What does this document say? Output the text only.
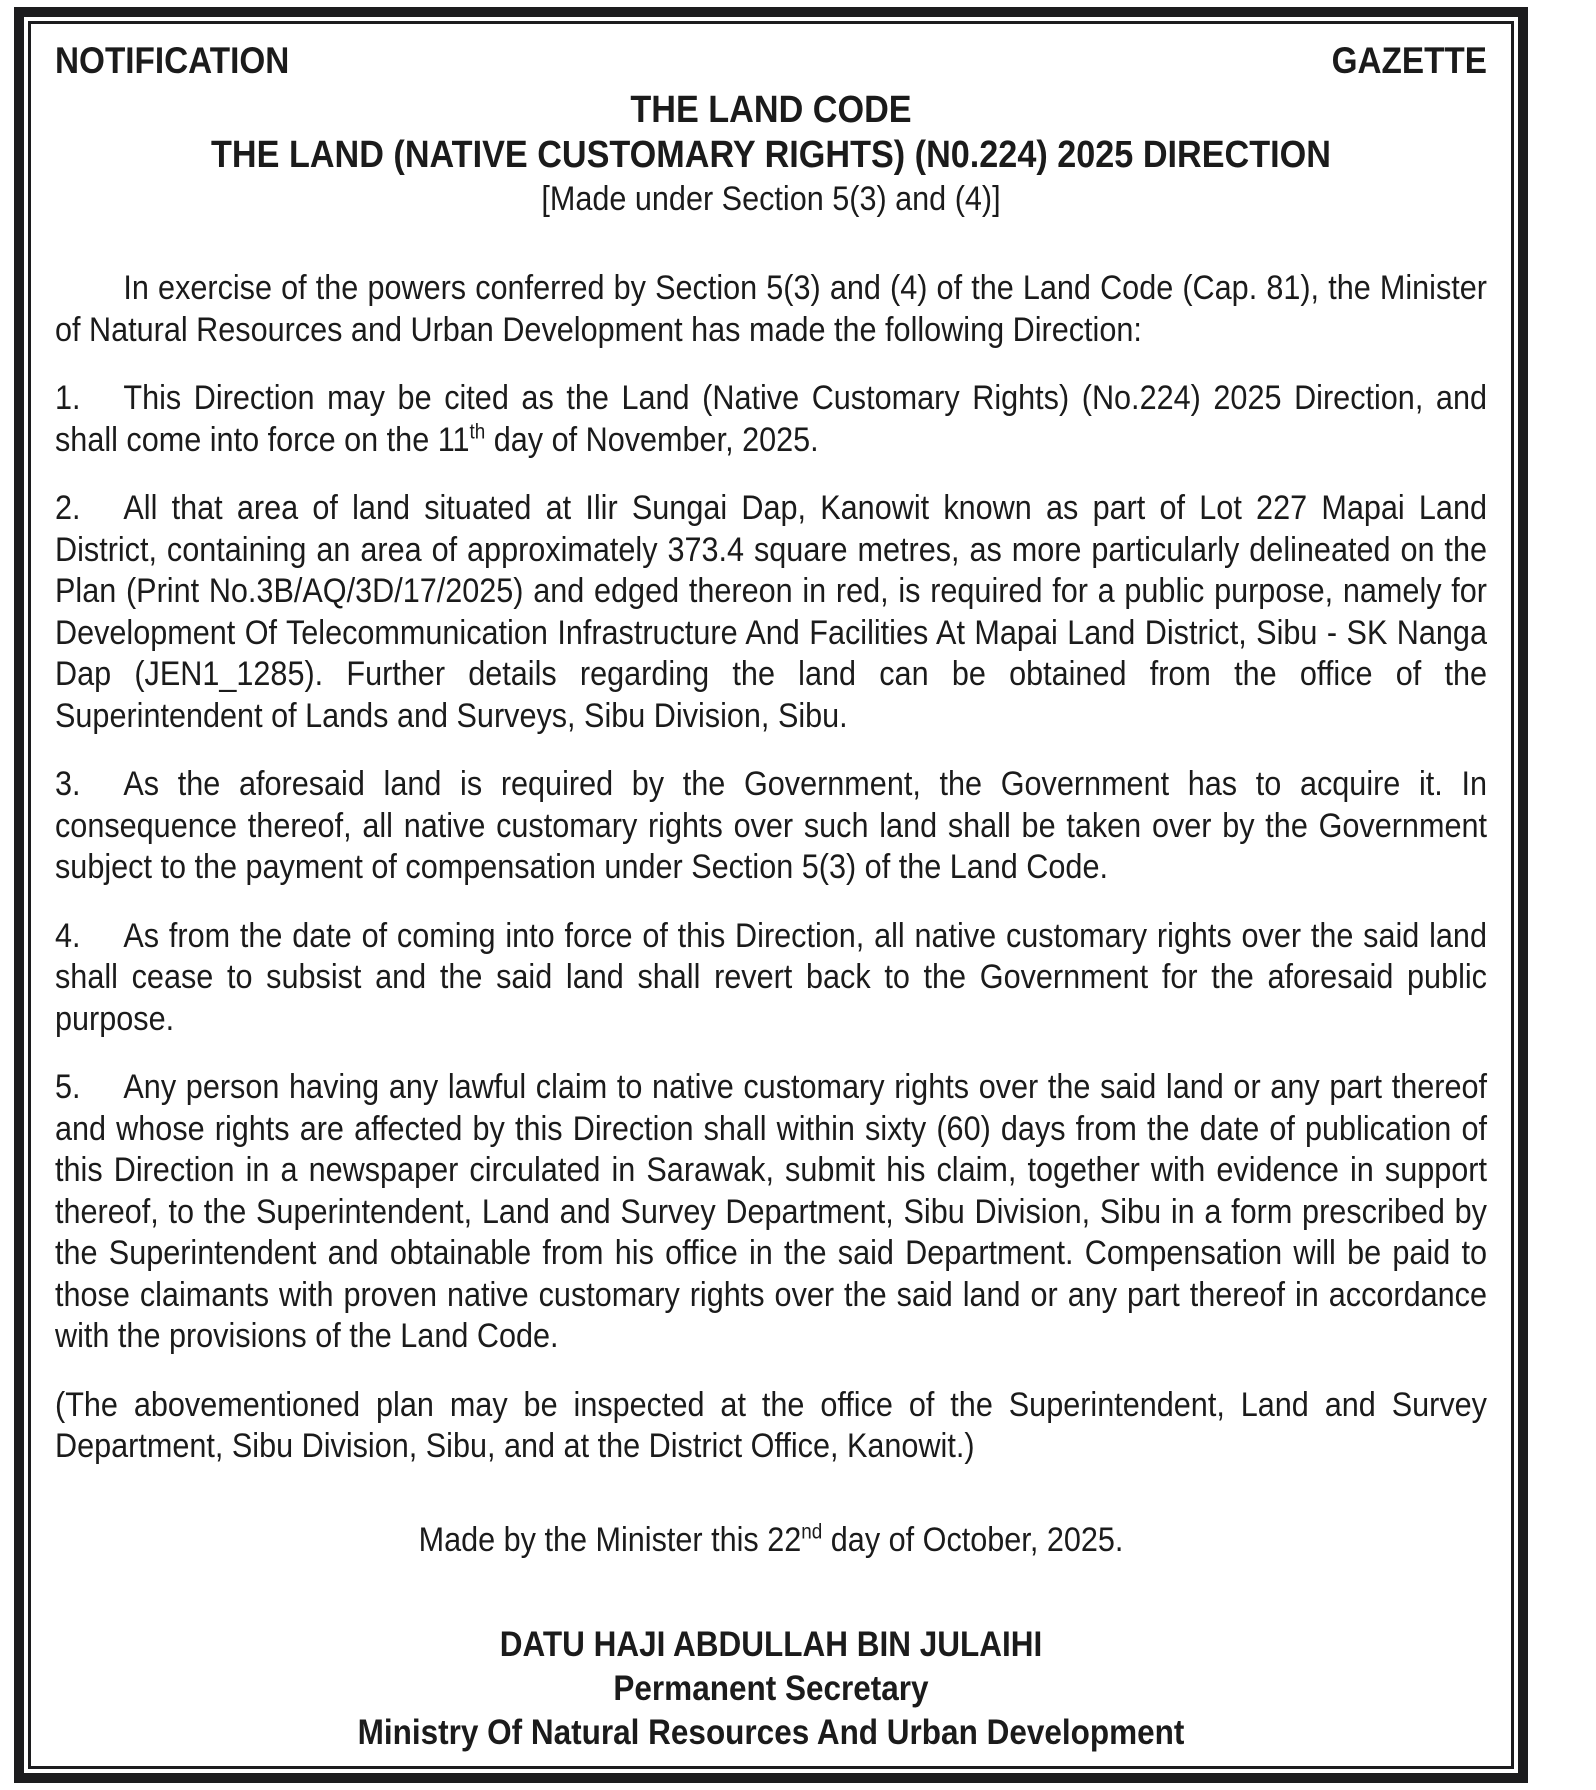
NOTIFICATION	GAZETTE
THE LAND CODE
THE LAND (NATIVE CUSTOMARY RIGHTS) (N0.224) 2025 DIRECTION
[Made under Section 5(3) and (4)]

In exercise of the powers conferred by Section 5(3) and (4) of the Land Code (Cap. 81), the Minister of Natural Resources and Urban Development has made the following Direction:

1. This Direction may be cited as the Land (Native Customary Rights) (No.224) 2025 Direction, and shall come into force on the 11th day of November, 2025.

2. All that area of land situated at Ilir Sungai Dap, Kanowit known as part of Lot 227 Mapai Land District, containing an area of approximately 373.4 square metres, as more particularly delineated on the Plan (Print No.3B/AQ/3D/17/2025) and edged thereon in red, is required for a public purpose, namely for Development Of Telecommunication Infrastructure And Facilities At Mapai Land District, Sibu - SK Nanga Dap (JEN1_1285). Further details regarding the land can be obtained from the office of the Superintendent of Lands and Surveys, Sibu Division, Sibu.

3. As the aforesaid land is required by the Government, the Government has to acquire it. In consequence thereof, all native customary rights over such land shall be taken over by the Government subject to the payment of compensation under Section 5(3) of the Land Code.

4. As from the date of coming into force of this Direction, all native customary rights over the said land shall cease to subsist and the said land shall revert back to the Government for the aforesaid public purpose.

5. Any person having any lawful claim to native customary rights over the said land or any part thereof and whose rights are affected by this Direction shall within sixty (60) days from the date of publication of this Direction in a newspaper circulated in Sarawak, submit his claim, together with evidence in support thereof, to the Superintendent, Land and Survey Department, Sibu Division, Sibu in a form prescribed by the Superintendent and obtainable from his office in the said Department. Compensation will be paid to those claimants with proven native customary rights over the said land or any part thereof in accordance with the provisions of the Land Code.

(The abovementioned plan may be inspected at the office of the Superintendent, Land and Survey Department, Sibu Division, Sibu, and at the District Office, Kanowit.)

Made by the Minister this 22nd day of October, 2025.
DATU HAJI ABDULLAH BIN JULAIHI
Permanent Secretary
Ministry Of Natural Resources And Urban Development
